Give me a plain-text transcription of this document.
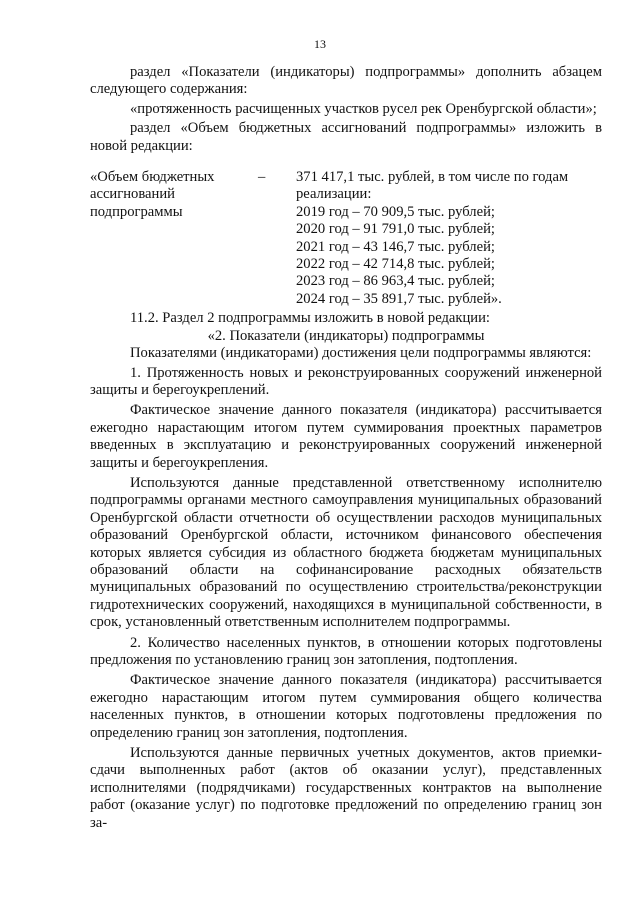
13

раздел «Показатели (индикаторы) подпрограммы» дополнить абзацем следующего содержания:

«протяженность расчищенных участков русел рек Оренбургской области»;

раздел «Объем бюджетных ассигнований подпрограммы» изложить в новой редакции:

«Объем бюджетных
ассигнований
подпрограммы
–	371 417,1 тыс. рублей, в том числе по годам реализации:
2019 год – 70 909,5 тыс. рублей;
2020 год – 91 791,0 тыс. рублей;
2021 год – 43 146,7 тыс. рублей;
2022 год – 42 714,8 тыс. рублей;
2023 год – 86 963,4 тыс. рублей;
2024 год – 35 891,7 тыс. рублей».

11.2. Раздел 2 подпрограммы изложить в новой редакции:

«2. Показатели (индикаторы) подпрограммы

Показателями (индикаторами) достижения цели подпрограммы являются:

1. Протяженность новых и реконструированных сооружений инженерной защиты и берегоукреплений.

Фактическое значение данного показателя (индикатора) рассчитывается ежегодно нарастающим итогом путем суммирования проектных параметров введенных в эксплуатацию и реконструированных сооружений инженерной защиты и берегоукрепления.

Используются данные представленной ответственному исполнителю подпрограммы органами местного самоуправления муниципальных образований Оренбургской области отчетности об осуществлении расходов муниципальных образований Оренбургской области, источником финансового обеспечения которых является субсидия из областного бюджета бюджетам муниципальных образований области на софинансирование расходных обязательств муниципальных образований по осуществлению строительства/реконструкции гидротехнических сооружений, находящихся в муниципальной собственности, в срок, установленный ответственным исполнителем подпрограммы.

2. Количество населенных пунктов, в отношении которых подготовлены предложения по установлению границ зон затопления, подтопления.

Фактическое значение данного показателя (индикатора) рассчитывается ежегодно нарастающим итогом путем суммирования общего количества населенных пунктов, в отношении которых подготовлены предложения по определению границ зон затопления, подтопления.

Используются данные первичных учетных документов, актов приемки-сдачи выполненных работ (актов об оказании услуг), представленных исполнителями (подрядчиками) государственных контрактов на выполнение работ (оказание услуг) по подготовке предложений по определению границ зон за-
